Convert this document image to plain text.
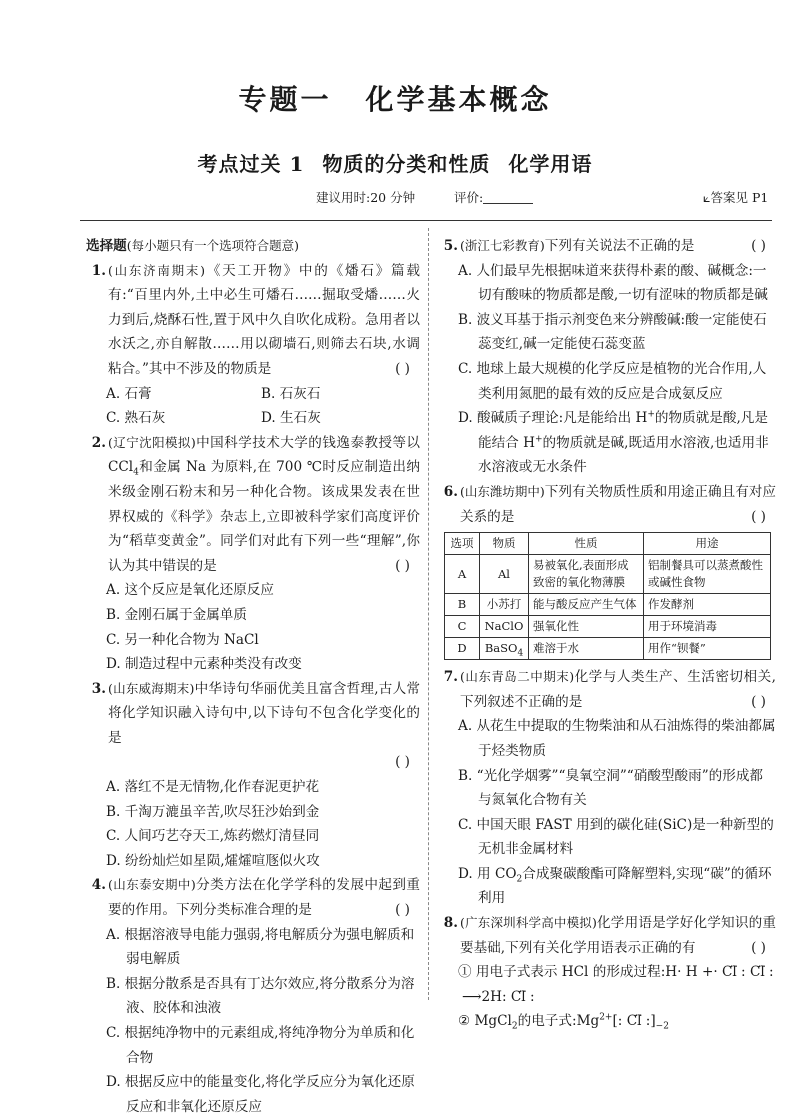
专题一 化学基本概念
考点过关 1 物质的分类和性质 化学用语
建议用时:20 分钟	评价:	⟀答案见 P1
选择题(每小题只有一个选项符合题意)
1. (山东济南期末)《天工开物》中的《燔石》篇载有:“百里内外,土中必生可燔石……掘取受燔……火力到后,烧酥石性,置于风中久自吹化成粉。急用者以水沃之,亦自解散……用以砌墙石,则筛去石块,水调粘合。”其中不涉及的物质是	( )
A. 石膏	B. 石灰石
C. 熟石灰	D. 生石灰
2. (辽宁沈阳模拟)中国科学技术大学的钱逸泰教授等以 CCl$_4$和金属 Na 为原料,在 700 ℃时反应制造出纳米级金刚石粉末和另一种化合物。该成果发表在世界权威的《科学》杂志上,立即被科学家们高度评价为“稻草变黄金”。同学们对此有下列一些“理解”,你认为其中错误的是	( )
A. 这个反应是氧化还原反应
B. 金刚石属于金属单质
C. 另一种化合物为 NaCl
D. 制造过程中元素种类没有改变
3. (山东威海期末)中华诗句华丽优美且富含哲理,古人常将化学知识融入诗句中,以下诗句不包含化学变化的是
( )
A. 落红不是无情物,化作春泥更护花
B. 千淘万漉虽辛苦,吹尽狂沙始到金
C. 人间巧艺夺天工,炼药燃灯清昼同
D. 纷纷灿烂如星陨,㸌㸌喧豗似火攻
4. (山东泰安期中)分类方法在化学学科的发展中起到重要的作用。下列分类标准合理的是	( )
A. 根据溶液导电能力强弱,将电解质分为强电解质和弱电解质
B. 根据分散系是否具有丁达尔效应,将分散系分为溶液、胶体和浊液
C. 根据纯净物中的元素组成,将纯净物分为单质和化合物
D. 根据反应中的能量变化,将化学反应分为氧化还原反应和非氧化还原反应
5. (浙江七彩教育)下列有关说法不正确的是	( )
A. 人们最早先根据味道来获得朴素的酸、碱概念:一切有酸味的物质都是酸,一切有涩味的物质都是碱
B. 波义耳基于指示剂变色来分辨酸碱:酸一定能使石蕊变红,碱一定能使石蕊变蓝
C. 地球上最大规模的化学反应是植物的光合作用,人类利用氮肥的最有效的反应是合成氨反应
D. 酸碱质子理论:凡是能给出 H+的物质就是酸,凡是能结合 H+的物质就是碱,既适用水溶液,也适用非水溶液或无水条件
6. (山东潍坊期中)下列有关物质性质和用途正确且有对应关系的是	( )
选项	物质	性质	用途
A	Al	易被氧化,表面形成致密的氧化物薄膜	铝制餐具可以蒸煮酸性或碱性食物
B	小苏打	能与酸反应产生气体	作发酵剂
C	NaClO	强氧化性	用于环境消毒
D	BaSO$_4$	难溶于水	用作“钡餐”
7. (山东青岛二中期末)化学与人类生产、生活密切相关,下列叙述不正确的是	( )
A. 从花生中提取的生物柴油和从石油炼得的柴油都属于烃类物质
B. “光化学烟雾”“臭氧空洞”“硝酸型酸雨”的形成都与氮氧化合物有关
C. 中国天眼 FAST 用到的碳化硅(SiC)是一种新型的无机非金属材料
D. 用 $CO_2$合成聚碳酸酯可降解塑料,实现“碳”的循环利用
8. (广东深圳科学高中模拟)化学用语是学好化学知识的重要基础,下列有关化学用语表示正确的有	( )
① 用电子式表示 HCl 的形成过程:H· H +· C͘l͘ : C͘l͘ :
⟶2H: C͘l͘ :
② MgCl$_2$的电子式$:Mg^{2+}$[: C͘l͘ $:]_{-2}$
